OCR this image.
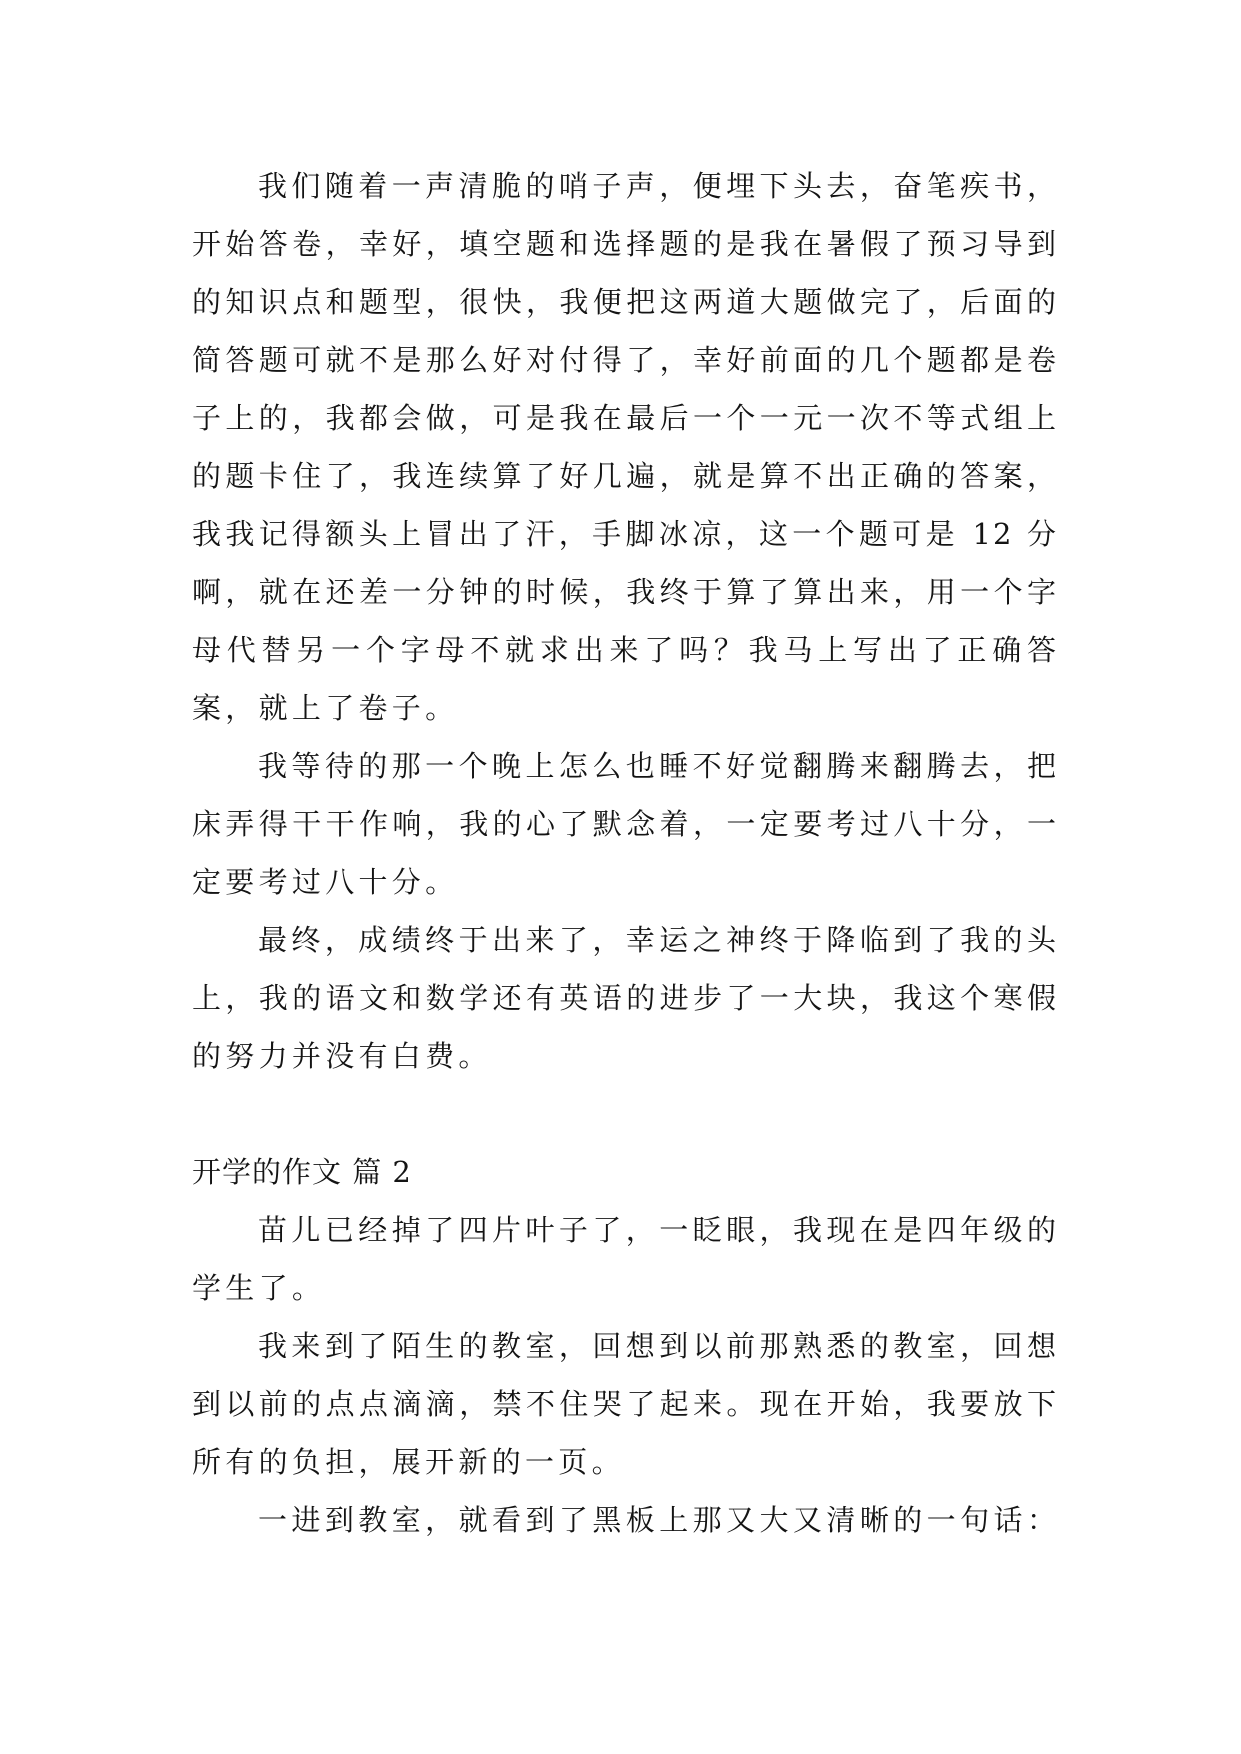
我们随着一声清脆的哨子声，便埋下头去，奋笔疾书，
开始答卷，幸好，填空题和选择题的是我在暑假了预习导到
的知识点和题型，很快，我便把这两道大题做完了，后面的
简答题可就不是那么好对付得了，幸好前面的几个题都是卷
子上的，我都会做，可是我在最后一个一元一次不等式组上
的题卡住了，我连续算了好几遍，就是算不出正确的答案，
我我记得额头上冒出了汗，手脚冰凉，这一个题可是 12 分
啊，就在还差一分钟的时候，我终于算了算出来，用一个字
母代替另一个字母不就求出来了吗？我马上写出了正确答
案，就上了卷子。
我等待的那一个晚上怎么也睡不好觉翻腾来翻腾去，把
床弄得干干作响，我的心了默念着，一定要考过八十分，一
定要考过八十分。
最终，成绩终于出来了，幸运之神终于降临到了我的头
上，我的语文和数学还有英语的进步了一大块，我这个寒假
的努力并没有白费。
开学的作文 篇 2
苗儿已经掉了四片叶子了，一眨眼，我现在是四年级的
学生了。
我来到了陌生的教室，回想到以前那熟悉的教室，回想
到以前的点点滴滴，禁不住哭了起来。现在开始，我要放下
所有的负担，展开新的一页。
一进到教室，就看到了黑板上那又大又清晰的一句话：
